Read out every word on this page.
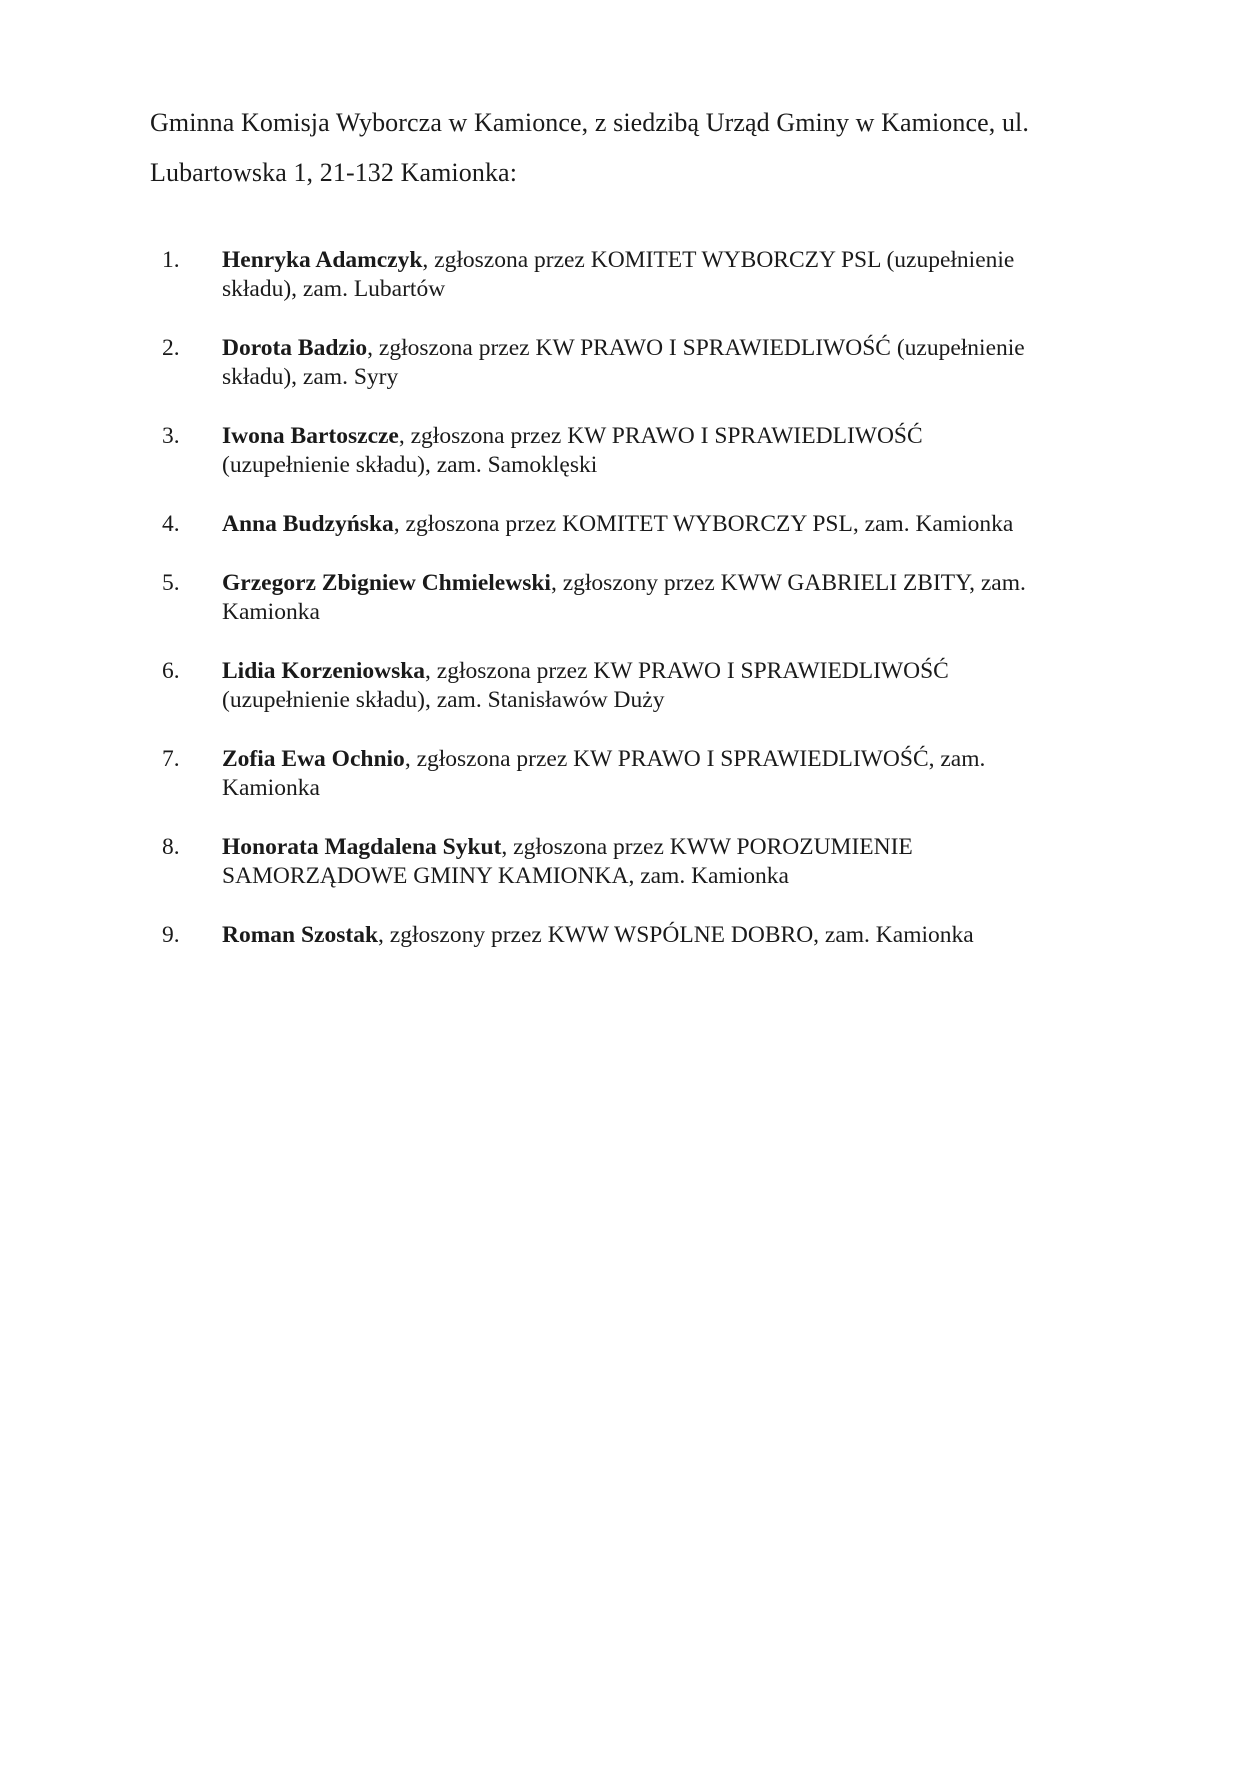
Gminna Komisja Wyborcza w Kamionce, z siedzibą Urząd Gminy w Kamionce, ul.
Lubartowska 1, 21-132 Kamionka:

1. Henryka Adamczyk, zgłoszona przez KOMITET WYBORCZY PSL (uzupełnienie
składu), zam. Lubartów
2. Dorota Badzio, zgłoszona przez KW PRAWO I SPRAWIEDLIWOŚĆ (uzupełnienie
składu), zam. Syry
3. Iwona Bartoszcze, zgłoszona przez KW PRAWO I SPRAWIEDLIWOŚĆ
(uzupełnienie składu), zam. Samoklęski
4. Anna Budzyńska, zgłoszona przez KOMITET WYBORCZY PSL, zam. Kamionka
5. Grzegorz Zbigniew Chmielewski, zgłoszony przez KWW GABRIELI ZBITY, zam.
Kamionka
6. Lidia Korzeniowska, zgłoszona przez KW PRAWO I SPRAWIEDLIWOŚĆ
(uzupełnienie składu), zam. Stanisławów Duży
7. Zofia Ewa Ochnio, zgłoszona przez KW PRAWO I SPRAWIEDLIWOŚĆ, zam.
Kamionka
8. Honorata Magdalena Sykut, zgłoszona przez KWW POROZUMIENIE
SAMORZĄDOWE GMINY KAMIONKA, zam. Kamionka
9. Roman Szostak, zgłoszony przez KWW WSPÓLNE DOBRO, zam. Kamionka
